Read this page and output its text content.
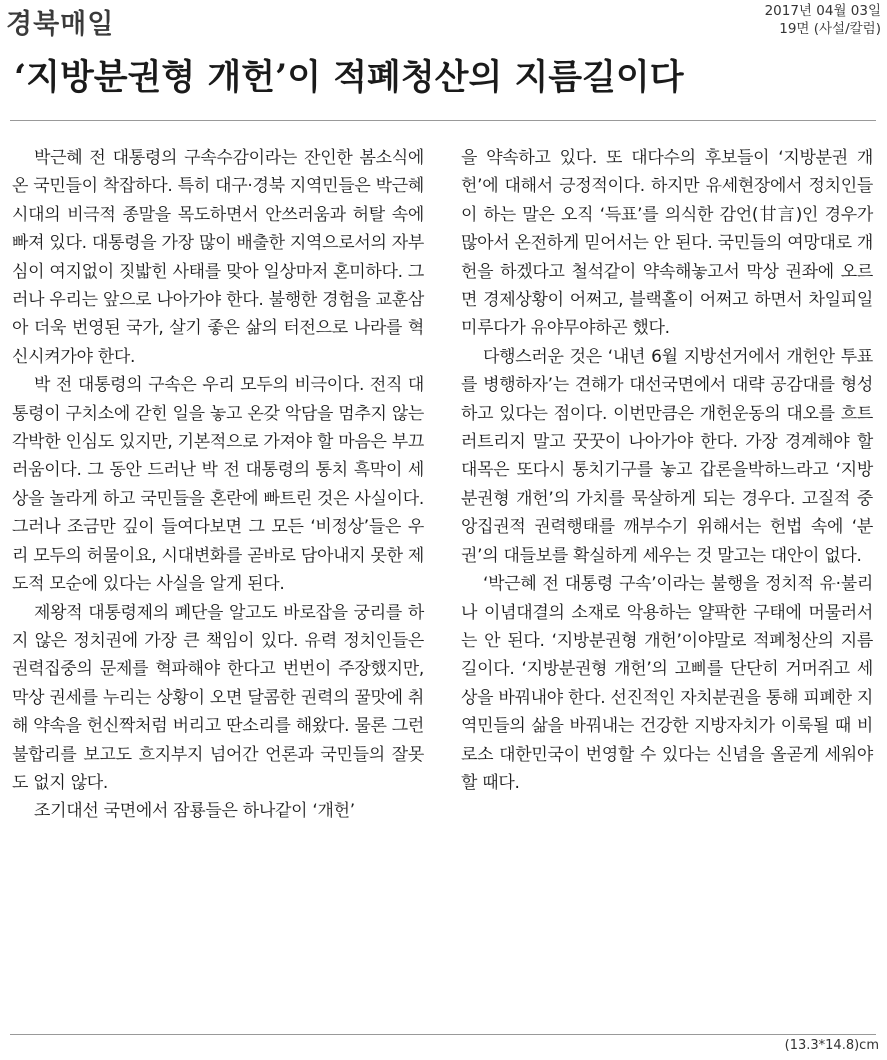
경북매일	2017년 04월 03일
19면 (사설/칼럼)
‘지방분권형 개헌’이 적폐청산의 지름길이다

박근혜 전 대통령의 구속수감이라는 잔인한 봄소식에 온 국민들이 착잡하다. 특히 대구·경북 지역민들은 박근혜 시대의 비극적 종말을 목도하면서 안쓰러움과 허탈 속에 빠져 있다. 대통령을 가장 많이 배출한 지역으로서의 자부심이 여지없이 짓밟힌 사태를 맞아 일상마저 혼미하다. 그러나 우리는 앞으로 나아가야 한다. 불행한 경험을 교훈삼아 더욱 번영된 국가, 살기 좋은 삶의 터전으로 나라를 혁신시켜가야 한다.

박 전 대통령의 구속은 우리 모두의 비극이다. 전직 대통령이 구치소에 갇힌 일을 놓고 온갖 악담을 멈추지 않는 각박한 인심도 있지만, 기본적으로 가져야 할 마음은 부끄러움이다. 그 동안 드러난 박 전 대통령의 통치 흑막이 세상을 놀라게 하고 국민들을 혼란에 빠트린 것은 사실이다. 그러나 조금만 깊이 들여다보면 그 모든 ‘비정상’들은 우리 모두의 허물이요, 시대변화를 곧바로 담아내지 못한 제도적 모순에 있다는 사실을 알게 된다.

제왕적 대통령제의 폐단을 알고도 바로잡을 궁리를 하지 않은 정치권에 가장 큰 책임이 있다. 유력 정치인들은 권력집중의 문제를 혁파해야 한다고 번번이 주장했지만, 막상 권세를 누리는 상황이 오면 달콤한 권력의 꿀맛에 취해 약속을 헌신짝처럼 버리고 딴소리를 해왔다. 물론 그런 불합리를 보고도 흐지부지 넘어간 언론과 국민들의 잘못도 없지 않다.

조기대선 국면에서 잠룡들은 하나같이 ‘개헌’

을 약속하고 있다. 또 대다수의 후보들이 ‘지방분권 개헌’에 대해서 긍정적이다. 하지만 유세현장에서 정치인들이 하는 말은 오직 ‘득표’를 의식한 감언(甘言)인 경우가 많아서 온전하게 믿어서는 안 된다. 국민들의 여망대로 개헌을 하겠다고 철석같이 약속해놓고서 막상 권좌에 오르면 경제상황이 어쩌고, 블랙홀이 어쩌고 하면서 차일피일 미루다가 유야무야하곤 했다.

다행스러운 것은 ‘내년 6월 지방선거에서 개헌안 투표를 병행하자’는 견해가 대선국면에서 대략 공감대를 형성하고 있다는 점이다. 이번만큼은 개헌운동의 대오를 흐트러트리지 말고 꿋꿋이 나아가야 한다. 가장 경계해야 할 대목은 또다시 통치기구를 놓고 갑론을박하느라고 ‘지방분권형 개헌’의 가치를 묵살하게 되는 경우다. 고질적 중앙집권적 권력행태를 깨부수기 위해서는 헌법 속에 ‘분권’의 대들보를 확실하게 세우는 것 말고는 대안이 없다.

‘박근혜 전 대통령 구속’이라는 불행을 정치적 유·불리나 이념대결의 소재로 악용하는 얄팍한 구태에 머물러서는 안 된다. ‘지방분권형 개헌’이야말로 적폐청산의 지름길이다. ‘지방분권형 개헌’의 고삐를 단단히 거머쥐고 세상을 바꿔내야 한다. 선진적인 자치분권을 통해 피폐한 지역민들의 삶을 바꿔내는 건강한 지방자치가 이룩될 때 비로소 대한민국이 번영할 수 있다는 신념을 올곧게 세워야 할 때다.

(13.3*14.8)cm
